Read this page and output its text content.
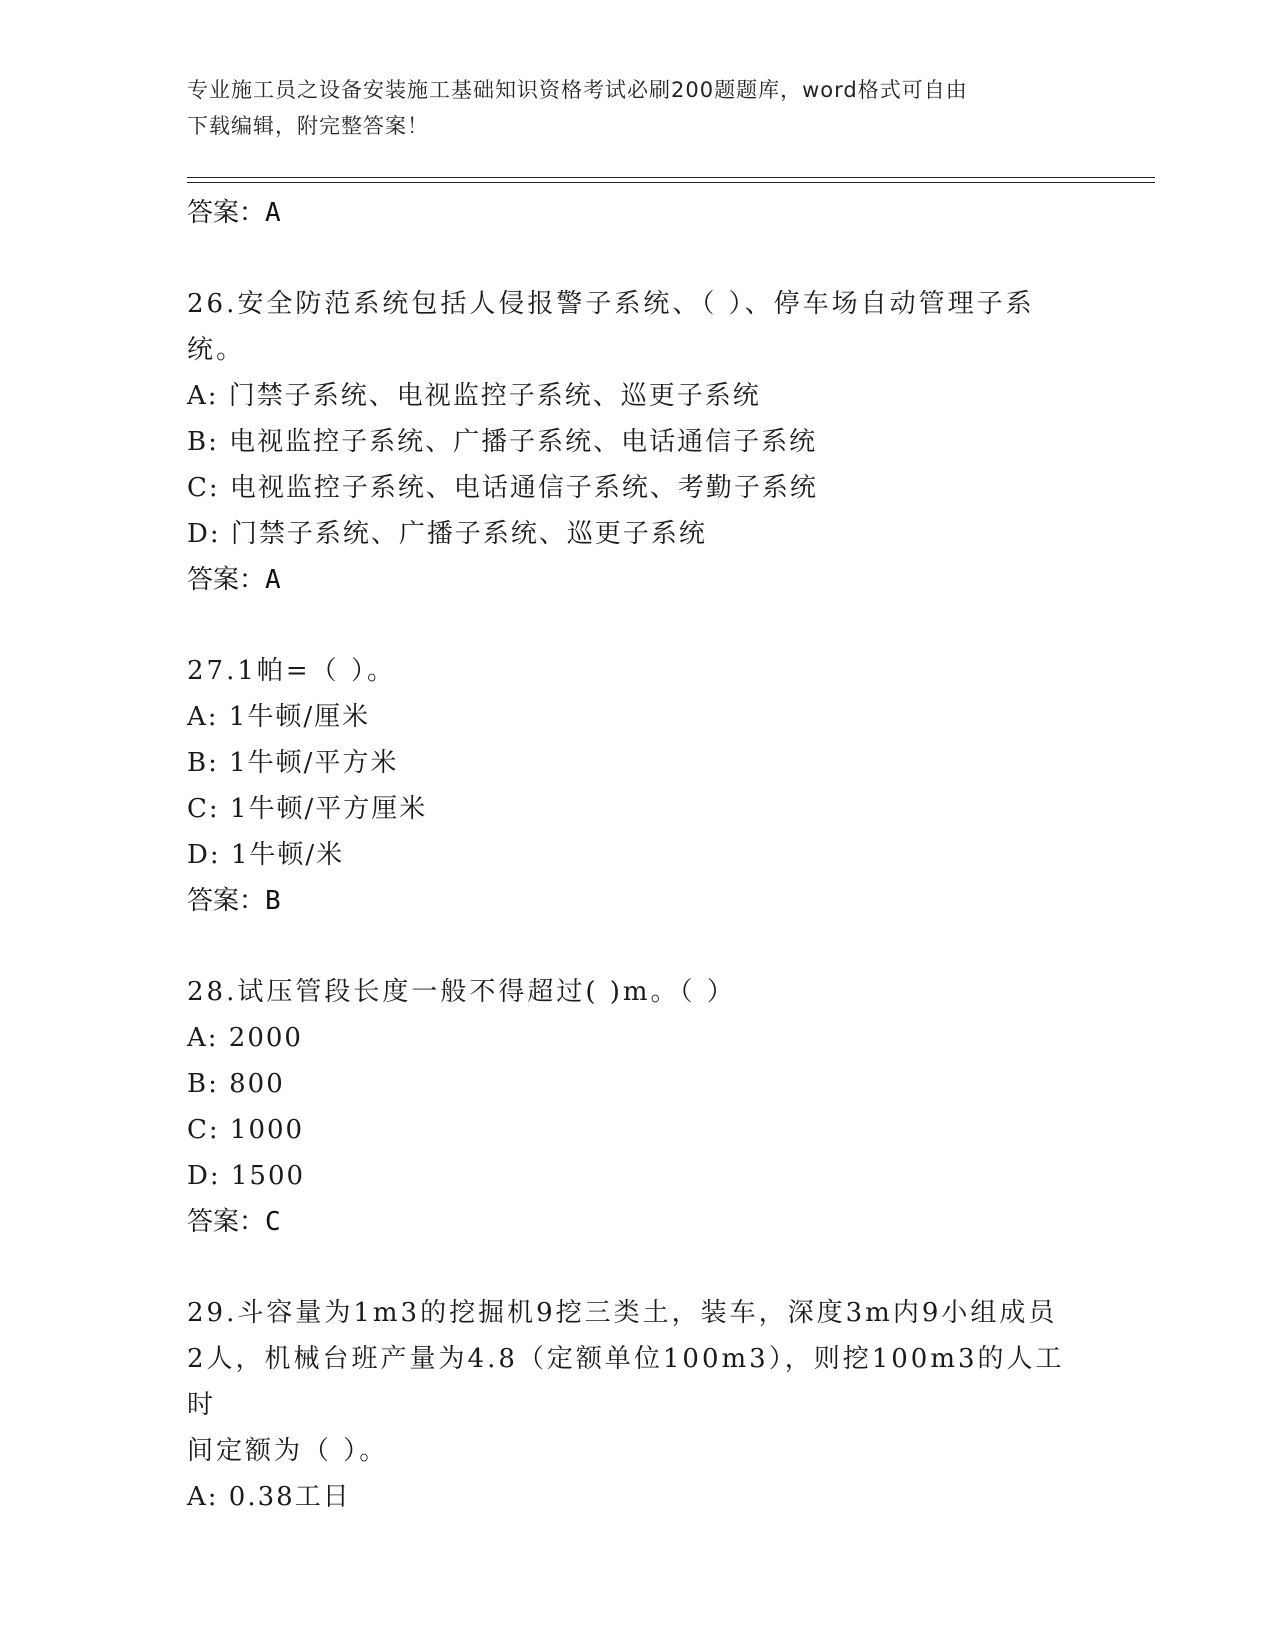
专业施工员之设备安装施工基础知识资格考试必刷200题题库，word格式可自由
下载编辑，附完整答案！
答案：A
26.安全防范系统包括人侵报警子系统、（ ）、停车场自动管理子系
统。
A: 门禁子系统、电视监控子系统、巡更子系统
B: 电视监控子系统、广播子系统、电话通信子系统
C: 电视监控子系统、电话通信子系统、考勤子系统
D: 门禁子系统、广播子系统、巡更子系统
答案：A
27.1帕=（ ）。
A: 1牛顿/厘米
B: 1牛顿/平方米
C: 1牛顿/平方厘米
D: 1牛顿/米
答案：B
28.试压管段长度一般不得超过( )m。（ ）
A: 2000
B: 800
C: 1000
D: 1500
答案：C
29.斗容量为1m3的挖掘机9挖三类土，装车，深度3m内9小组成员
2人，机械台班产量为4.8（定额单位100m3），则挖100m3的人工时
间定额为（ ）。
A: 0.38工日
